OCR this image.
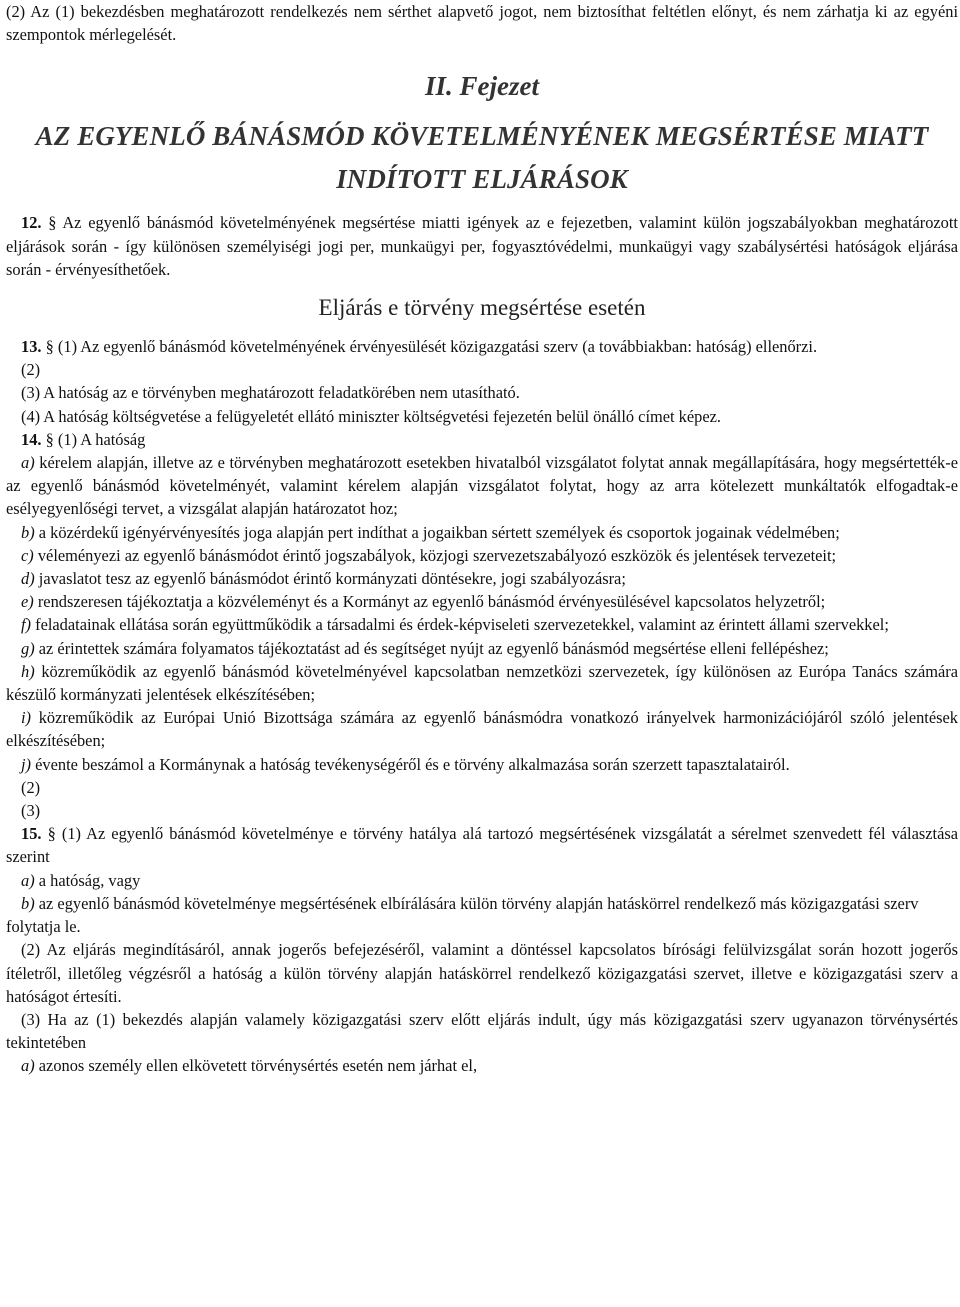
(2) Az (1) bekezdésben meghatározott rendelkezés nem sérthet alapvető jogot, nem biztosíthat feltétlen előnyt, és nem zárhatja ki az egyéni szempontok mérlegelését.

II. Fejezet

AZ EGYENLŐ BÁNÁSMÓD KÖVETELMÉNYÉNEK MEGSÉRTÉSE MIATT

INDÍTOTT ELJÁRÁSOK

12. § Az egyenlő bánásmód követelményének megsértése miatti igények az e fejezetben, valamint külön jogszabályokban meghatározott eljárások során - így különösen személyiségi jogi per, munkaügyi per, fogyasztóvédelmi, munkaügyi vagy szabálysértési hatóságok eljárása során - érvényesíthetőek.

Eljárás e törvény megsértése esetén

13. § (1) Az egyenlő bánásmód követelményének érvényesülését közigazgatási szerv (a továbbiakban: hatóság) ellenőrzi.

(2)

(3) A hatóság az e törvényben meghatározott feladatkörében nem utasítható.

(4) A hatóság költségvetése a felügyeletét ellátó miniszter költségvetési fejezetén belül önálló címet képez.

14. § (1) A hatóság

a) kérelem alapján, illetve az e törvényben meghatározott esetekben hivatalból vizsgálatot folytat annak megállapítására, hogy megsértették-e az egyenlő bánásmód követelményét, valamint kérelem alapján vizsgálatot folytat, hogy az arra kötelezett munkáltatók elfogadtak-e esélyegyenlőségi tervet, a vizsgálat alapján határozatot hoz;

b) a közérdekű igényérvényesítés joga alapján pert indíthat a jogaikban sértett személyek és csoportok jogainak védelmében;

c) véleményezi az egyenlő bánásmódot érintő jogszabályok, közjogi szervezetszabályozó eszközök és jelentések tervezeteit;

d) javaslatot tesz az egyenlő bánásmódot érintő kormányzati döntésekre, jogi szabályozásra;

e) rendszeresen tájékoztatja a közvéleményt és a Kormányt az egyenlő bánásmód érvényesülésével kapcsolatos helyzetről;

f) feladatainak ellátása során együttműködik a társadalmi és érdek-képviseleti szervezetekkel, valamint az érintett állami szervekkel;

g) az érintettek számára folyamatos tájékoztatást ad és segítséget nyújt az egyenlő bánásmód megsértése elleni fellépéshez;

h) közreműködik az egyenlő bánásmód követelményével kapcsolatban nemzetközi szervezetek, így különösen az Európa Tanács számára készülő kormányzati jelentések elkészítésében;

i) közreműködik az Európai Unió Bizottsága számára az egyenlő bánásmódra vonatkozó irányelvek harmonizációjáról szóló jelentések elkészítésében;

j) évente beszámol a Kormánynak a hatóság tevékenységéről és e törvény alkalmazása során szerzett tapasztalatairól.

(2)

(3)

15. § (1) Az egyenlő bánásmód követelménye e törvény hatálya alá tartozó megsértésének vizsgálatát a sérelmet szenvedett fél választása szerint

a) a hatóság, vagy

b) az egyenlő bánásmód követelménye megsértésének elbírálására külön törvény alapján hatáskörrel rendelkező más közigazgatási szerv

folytatja le.

(2) Az eljárás megindításáról, annak jogerős befejezéséről, valamint a döntéssel kapcsolatos bírósági felülvizsgálat során hozott jogerős ítéletről, illetőleg végzésről a hatóság a külön törvény alapján hatáskörrel rendelkező közigazgatási szervet, illetve e közigazgatási szerv a hatóságot értesíti.

(3) Ha az (1) bekezdés alapján valamely közigazgatási szerv előtt eljárás indult, úgy más közigazgatási szerv ugyanazon törvénysértés tekintetében

a) azonos személy ellen elkövetett törvénysértés esetén nem járhat el,
